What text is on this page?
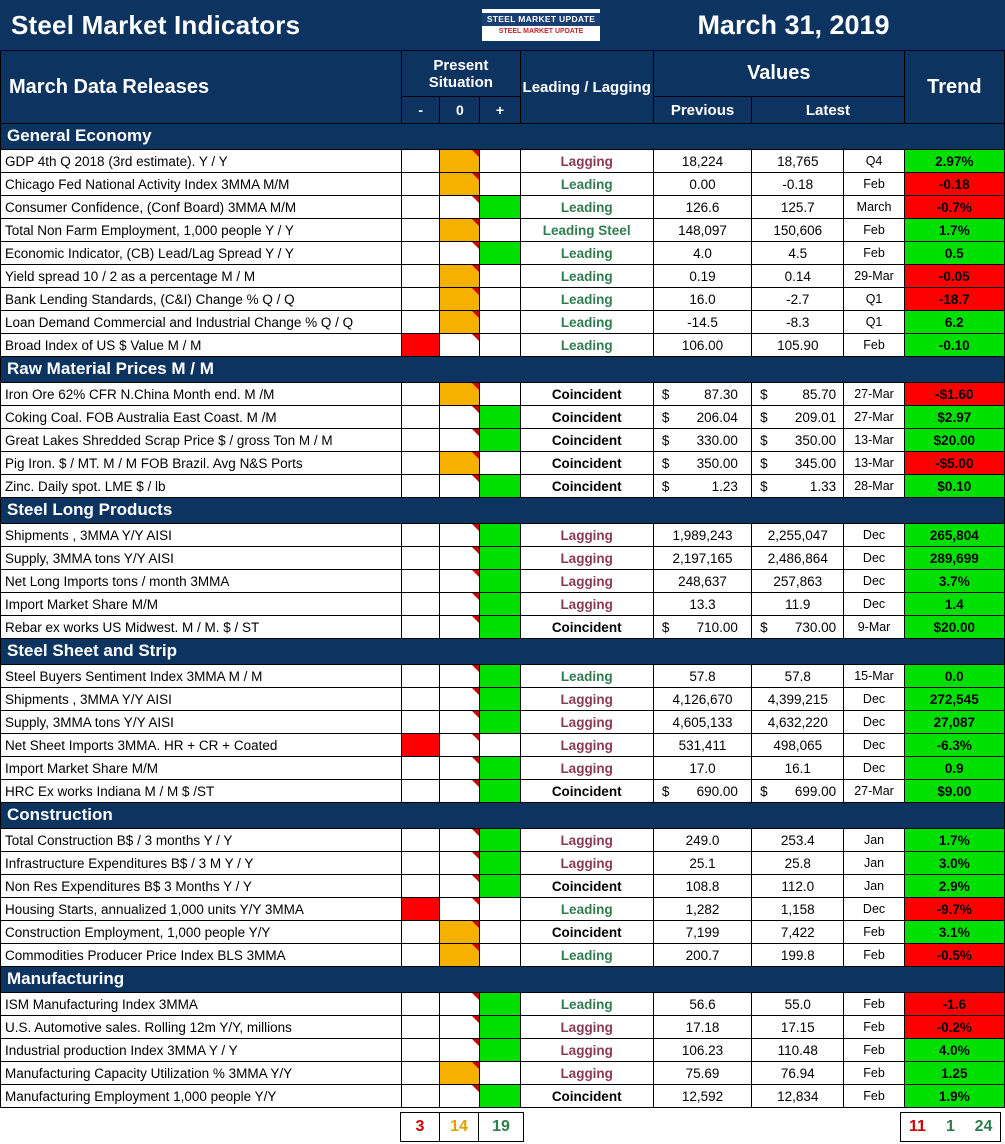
Steel Market Indicators	STEEL MARKET UPDATE
STEEL MARKET UPDATE	March 31, 2019
March Data Releases	Present Situation			Leading / Lagging	Values			Trend
	-	0	+		Previous	Latest		
General Economy								
GDP 4th Q 2018 (3rd estimate). Y / Y				Lagging	18,224	18,765	Q4	2.97%
Chicago Fed National Activity Index 3MMA M/M				Leading	0.00	-0.18	Feb	-0.18
Consumer Confidence, (Conf Board) 3MMA M/M				Leading	126.6	125.7	March	-0.7%
Total Non Farm Employment, 1,000 people Y / Y				Leading Steel	148,097	150,606	Feb	1.7%
Economic Indicator, (CB) Lead/Lag Spread Y / Y				Leading	4.0	4.5	Feb	0.5
Yield spread 10 / 2 as a percentage M / M				Leading	0.19	0.14	29-Mar	-0.05
Bank Lending Standards, (C&I) Change % Q / Q				Leading	16.0	-2.7	Q1	-18.7
Loan Demand Commercial and Industrial Change % Q / Q				Leading	-14.5	-8.3	Q1	6.2
Broad Index of US $ Value M / M				Leading	106.00	105.90	Feb	-0.10
Raw Material Prices M / M								
Iron Ore 62% CFR N.China Month end. M /M				Coincident	$ 87.30	$ 85.70	27-Mar	-$1.60
Coking Coal. FOB Australia East Coast. M /M				Coincident	$ 206.04	$ 209.01	27-Mar	$2.97
Great Lakes Shredded Scrap Price $ / gross Ton M / M				Coincident	$ 330.00	$ 350.00	13-Mar	$20.00
Pig Iron. $ / MT. M / M FOB Brazil. Avg N&S Ports				Coincident	$ 350.00	$ 345.00	13-Mar	-$5.00
Zinc. Daily spot. LME $ / lb				Coincident	$ 1.23	$ 1.33	28-Mar	$0.10
Steel Long Products								
Shipments , 3MMA Y/Y AISI				Lagging	1,989,243	2,255,047	Dec	265,804
Supply, 3MMA tons Y/Y AISI				Lagging	2,197,165	2,486,864	Dec	289,699
Net Long Imports tons / month 3MMA				Lagging	248,637	257,863	Dec	3.7%
Import Market Share M/M				Lagging	13.3	11.9	Dec	1.4
Rebar ex works US Midwest. M / M. $ / ST				Coincident	$ 710.00	$ 730.00	9-Mar	$20.00
Steel Sheet and Strip								
Steel Buyers Sentiment Index 3MMA M / M				Leading	57.8	57.8	15-Mar	0.0
Shipments , 3MMA Y/Y AISI				Lagging	4,126,670	4,399,215	Dec	272,545
Supply, 3MMA tons Y/Y AISI				Lagging	4,605,133	4,632,220	Dec	27,087
Net Sheet Imports 3MMA. HR + CR + Coated				Lagging	531,411	498,065	Dec	-6.3%
Import Market Share M/M				Lagging	17.0	16.1	Dec	0.9
HRC Ex works Indiana M / M $ /ST				Coincident	$ 690.00	$ 699.00	27-Mar	$9.00
Construction								
Total Construction B$ / 3 months Y / Y				Lagging	249.0	253.4	Jan	1.7%
Infrastructure Expenditures B$ / 3 M Y / Y				Lagging	25.1	25.8	Jan	3.0%
Non Res Expenditures B$ 3 Months Y / Y				Coincident	108.8	112.0	Jan	2.9%
Housing Starts, annualized 1,000 units Y/Y 3MMA				Leading	1,282	1,158	Dec	-9.7%
Construction Employment, 1,000 people Y/Y				Coincident	7,199	7,422	Feb	3.1%
Commodities Producer Price Index BLS 3MMA				Leading	200.7	199.8	Feb	-0.5%
Manufacturing								
ISM Manufacturing Index 3MMA				Leading	56.6	55.0	Feb	-1.6
U.S. Automotive sales. Rolling 12m Y/Y, millions				Lagging	17.18	17.15	Feb	-0.2%
Industrial production Index 3MMA Y / Y				Lagging	106.23	110.48	Feb	4.0%
Manufacturing Capacity Utilization % 3MMA Y/Y				Lagging	75.69	76.94	Feb	1.25
Manufacturing Employment 1,000 people Y/Y				Coincident	12,592	12,834	Feb	1.9%
3	14	19	11	1	24
